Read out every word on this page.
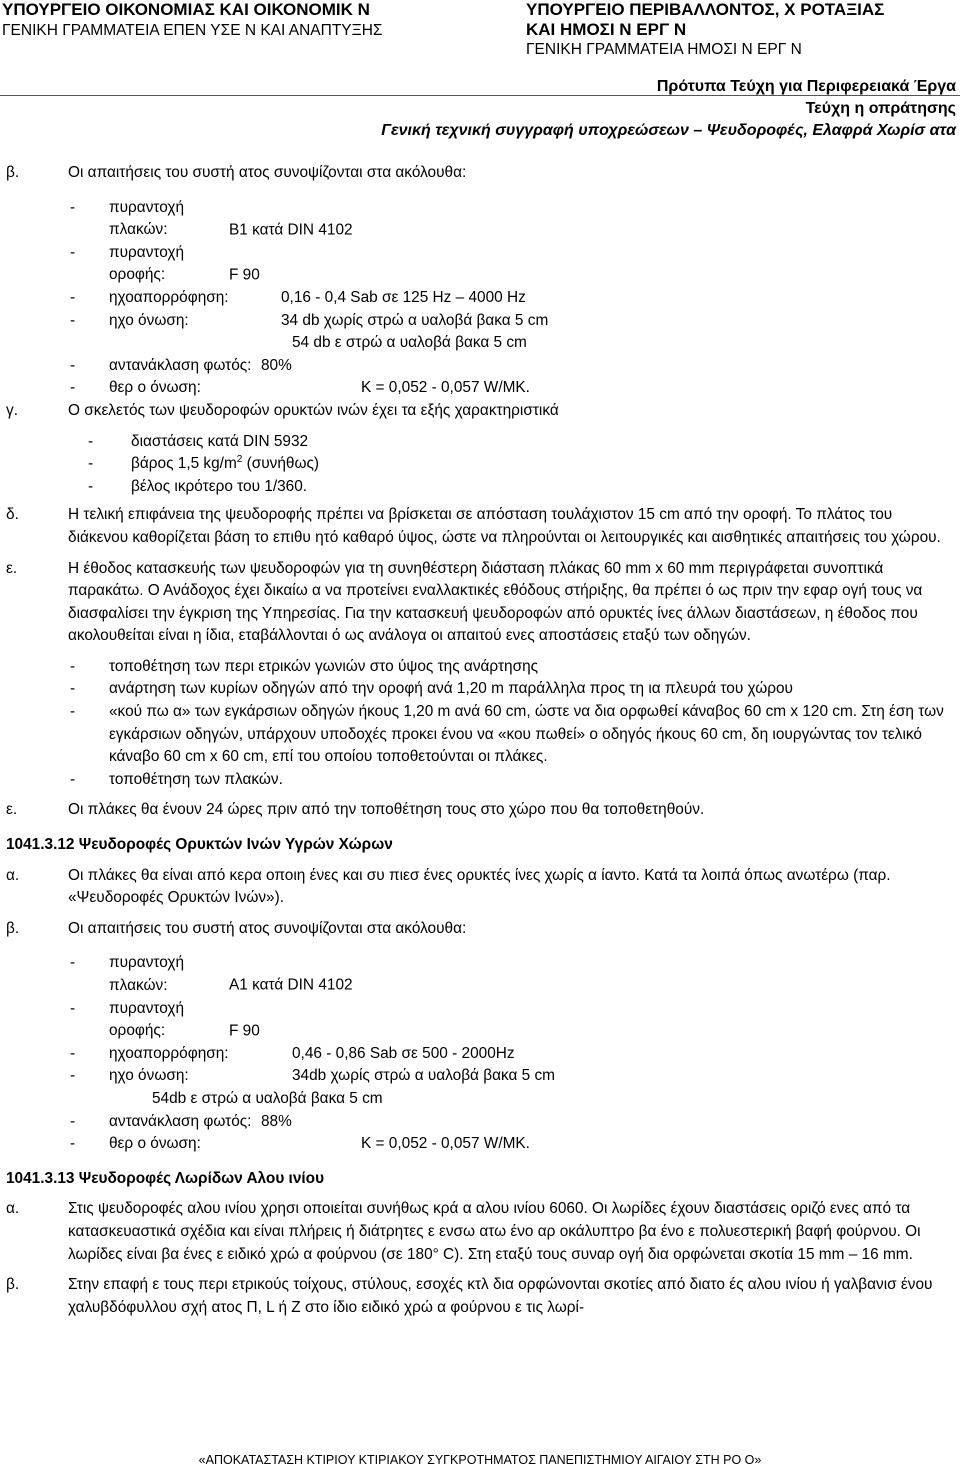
ΥΠΟΥΡΓΕΙΟ ΟΙΚΟΝΟΜΙΑΣ ΚΑΙ ΟΙΚΟΝΟΜΙΚ Ν
ΓΕΝΙΚΗ ΓΡΑΜΜΑΤΕΙΑ ΕΠΕΝ ΥΣΕ Ν ΚΑΙ ΑΝΑΠΤΥΞΗΣ
ΥΠΟΥΡΓΕΙΟ ΠΕΡΙΒΑΛΛΟΝΤΟΣ, Χ ΡΟΤΑΞΙΑΣ
ΚΑΙ ΗΜΟΣΙ Ν ΕΡΓ Ν
ΓΕΝΙΚΗ ΓΡΑΜΜΑΤΕΙΑ ΗΜΟΣΙ Ν ΕΡΓ Ν
Πρότυπα Τεύχη για Περιφερειακά Έργα
Τεύχη η οπράτησης
Γενική τεχνική συγγραφή υποχρεώσεων – Ψευδοροφές, Ελαφρά Χωρίσ ατα
β.	Οι απαιτήσεις του συστή ατος συνοψίζονται στα ακόλουθα:
- πυραντοχή πλακών:	Β1 κατά DIN 4102
- πυραντοχή οροφής:	F 90
- ηχοαπορρόφηση:	0,16 - 0,4 Sab σε 125 Hz – 4000 Hz
- ηχο όνωση:	34 db χωρίς στρώ α υαλοβά βακα 5 cm
54 db ε στρώ α υαλοβά βακα 5 cm
- αντανάκλαση φωτός: 80%
- θερ ο όνωση:	K = 0,052 - 0,057 W/MK.
γ.	Ο σκελετός των ψευδοροφών ορυκτών ινών έχει τα εξής χαρακτηριστικά
- διαστάσεις κατά DIN 5932
- βάρος 1,5 $kg/m^2$ (συνήθως)
- βέλος ικρότερο του 1/360.
δ.	Η τελική επιφάνεια της ψευδοροφής πρέπει να βρίσκεται σε απόσταση τουλάχιστον 15 cm από την οροφή. Το πλάτος του διάκενου καθορίζεται βάση το επιθυ ητό καθαρό ύψος, ώστε να πληρούνται οι λειτουργικές και αισθητικές απαιτήσεις του χώρου.
ε.	Η έθοδος κατασκευής των ψευδοροφών για τη συνηθέστερη διάσταση πλάκας 60 mm x 60 mm περιγράφεται συνοπτικά παρακάτω. Ο Ανάδοχος έχει δικαίω α να προτείνει εναλλακτικές εθόδους στήριξης, θα πρέπει ό ως πριν την εφαρ ογή τους να διασφαλίσει την έγκριση της Υπηρεσίας. Για την κατασκευή ψευδοροφών από ορυκτές ίνες άλλων διαστάσεων, η έθοδος που ακολουθείται είναι η ίδια, εταβάλλονται ό ως ανάλογα οι απαιτού ενες αποστάσεις εταξύ των οδηγών.
- τοποθέτηση των περι ετρικών γωνιών στο ύψος της ανάρτησης
- ανάρτηση των κυρίων οδηγών από την οροφή ανά 1,20 m παράλληλα προς τη ια πλευρά του χώρου
- «κού πω α» των εγκάρσιων οδηγών ήκους 1,20 m ανά 60 cm, ώστε να δια ορφωθεί κάναβος 60 cm x 120 cm. Στη έση των εγκάρσιων οδηγών, υπάρχουν υποδοχές προκει ένου να «κου πωθεί» ο οδηγός ήκους 60 cm, δη ιουργώντας τον τελικό κάναβο 60 cm x 60 cm, επί του οποίου τοποθετούνται οι πλάκες.
- τοποθέτηση των πλακών.
ε.	Οι πλάκες θα ένουν 24 ώρες πριν από την τοποθέτηση τους στο χώρο που θα τοποθετηθούν.
1041.3.12 Ψευδοροφές Ορυκτών Ινών Υγρών Χώρων
α.	Οι πλάκες θα είναι από κερα οποιη ένες και συ πιεσ ένες ορυκτές ίνες χωρίς α ίαντο. Κατά τα λοιπά όπως ανωτέρω (παρ. «Ψευδοροφές Ορυκτών Ινών»).
β.	Οι απαιτήσεις του συστή ατος συνοψίζονται στα ακόλουθα:
- πυραντοχή πλακών:	Α1 κατά DIN 4102
- πυραντοχή οροφής:	F 90
- ηχοαπορρόφηση:	0,46 - 0,86 Sab σε 500 - 2000Hz
- ηχο όνωση:	34db χωρίς στρώ α υαλοβά βακα 5 cm
54db ε στρώ α υαλοβά βακα 5 cm
- αντανάκλαση φωτός: 88%
- θερ ο όνωση:	K = 0,052 - 0,057 W/MK.
1041.3.13 Ψευδοροφές Λωρίδων Αλου ινίου
α.	Στις ψευδοροφές αλου ινίου χρησι οποιείται συνήθως κρά α αλου ινίου 6060. Οι λωρίδες έχουν διαστάσεις οριζό ενες από τα κατασκευαστικά σχέδια και είναι πλήρεις ή διάτρητες ε ενσω ατω ένο αρ οκάλυπτρο βα ένο ε πολυεστερική βαφή φούρνου. Οι λωρίδες είναι βα ένες ε ειδικό χρώ α φούρνου (σε 180° C). Στη εταξύ τους συναρ ογή δια ορφώνεται σκοτία 15 mm – 16 mm.
β.	Στην επαφή ε τους περι ετρικούς τοίχους, στύλους, εσοχές κτλ δια ορφώνονται σκοτίες από διατο ές αλου ινίου ή γαλβανισ ένου χαλυβδόφυλλου σχή ατος Π, L ή Z στο ίδιο ειδικό χρώ α φούρνου ε τις λωρί-
«ΑΠΟΚΑΤΑΣΤΑΣΗ ΚΤΙΡΙΟΥ ΚΤΙΡΙΑΚΟΥ ΣΥΓΚΡΟΤΗΜΑΤΟΣ ΠΑΝΕΠΙΣΤΗΜΙΟΥ ΑΙΓΑΙΟΥ ΣΤΗ ΡΟ Ο»
